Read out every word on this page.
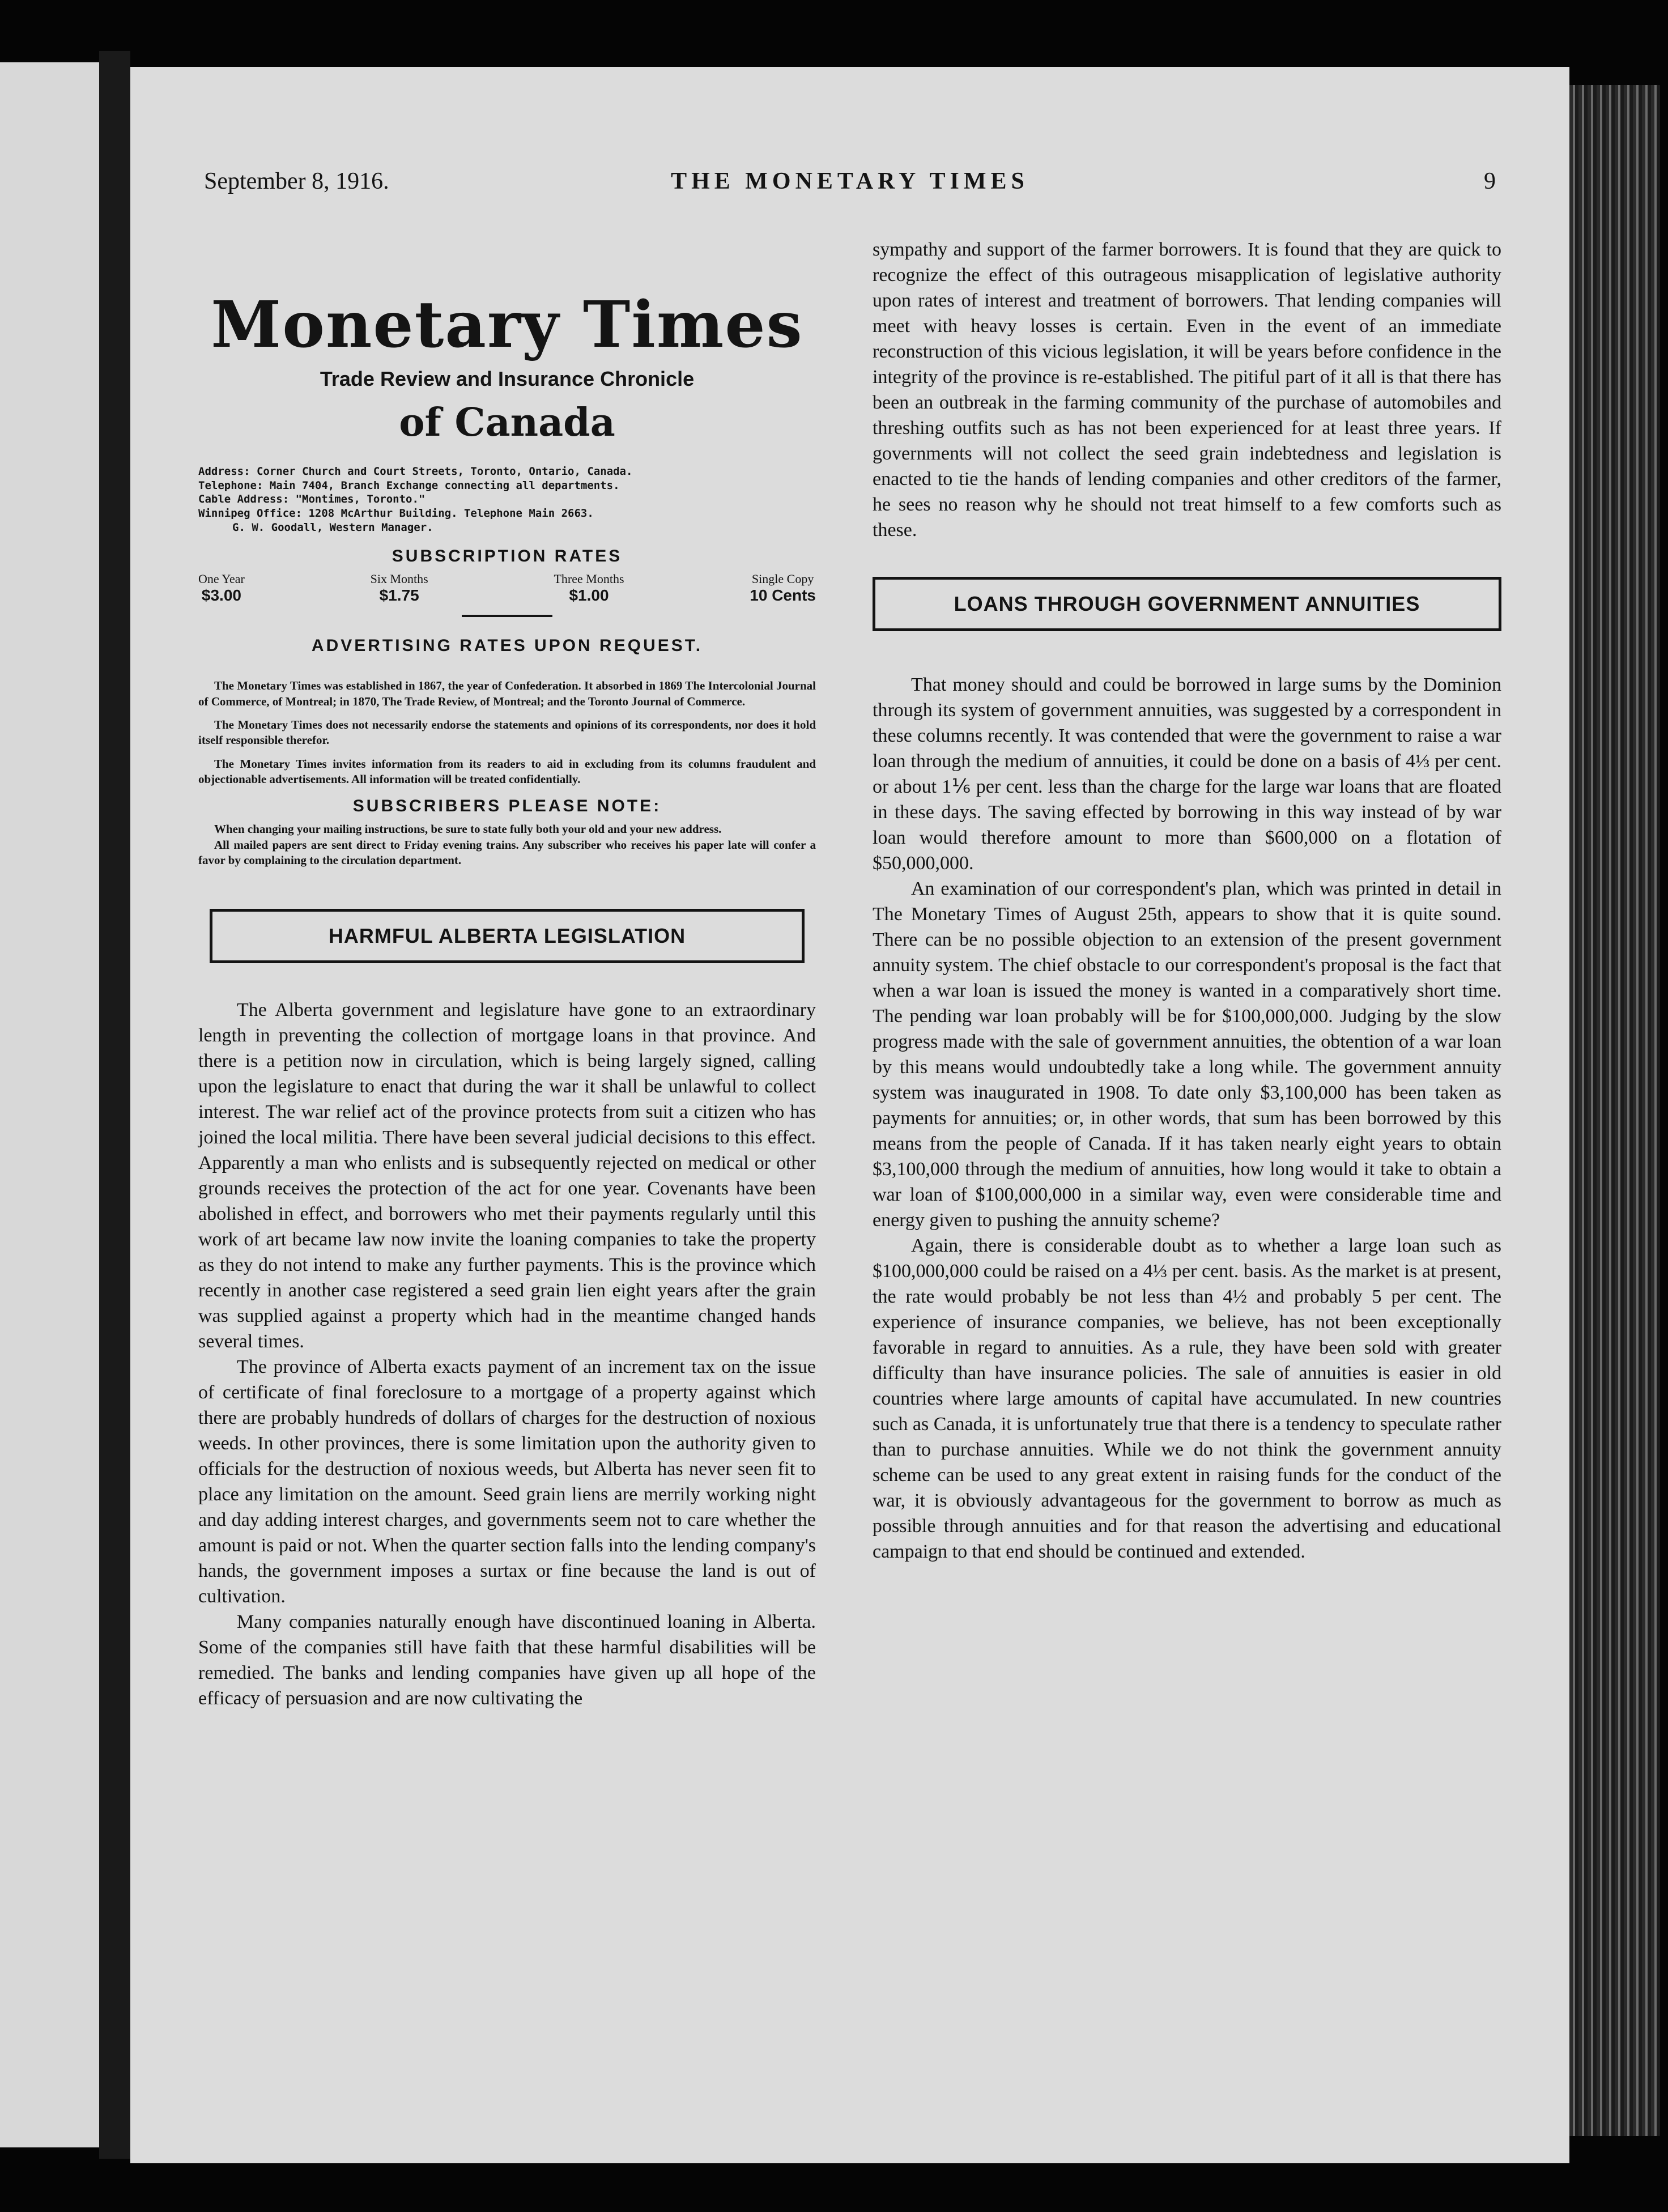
September 8, 1916.	THE MONETARY TIMES	9
Monetary Times
Trade Review and Insurance Chronicle
of Canada
Address: Corner Church and Court Streets, Toronto, Ontario, Canada.
Telephone: Main 7404, Branch Exchange connecting all departments.
Cable Address: "Montimes, Toronto."
Winnipeg Office: 1208 McArthur Building. Telephone Main 2663.
G. W. Goodall, Western Manager.
SUBSCRIPTION RATES
One Year
$3.00
Six Months
$1.75
Three Months
$1.00
Single Copy
10 Cents
ADVERTISING RATES UPON REQUEST.

The Monetary Times was established in 1867, the year of Confederation. It absorbed in 1869 The Intercolonial Journal of Commerce, of Montreal; in 1870, The Trade Review, of Montreal; and the Toronto Journal of Commerce.

The Monetary Times does not necessarily endorse the statements and opinions of its correspondents, nor does it hold itself responsible therefor.

The Monetary Times invites information from its readers to aid in excluding from its columns fraudulent and objectionable advertisements. All information will be treated confidentially.

SUBSCRIBERS PLEASE NOTE:

When changing your mailing instructions, be sure to state fully both your old and your new address.

All mailed papers are sent direct to Friday evening trains. Any subscriber who receives his paper late will confer a favor by complaining to the circulation department.

HARMFUL ALBERTA LEGISLATION

The Alberta government and legislature have gone to an extraordinary length in preventing the collection of mortgage loans in that province. And there is a petition now in circulation, which is being largely signed, calling upon the legislature to enact that during the war it shall be unlawful to collect interest. The war relief act of the province protects from suit a citizen who has joined the local militia. There have been several judicial decisions to this effect. Apparently a man who enlists and is subsequently rejected on medical or other grounds receives the protection of the act for one year. Covenants have been abolished in effect, and borrowers who met their payments regularly until this work of art became law now invite the loaning companies to take the property as they do not intend to make any further payments. This is the province which recently in another case registered a seed grain lien eight years after the grain was supplied against a property which had in the meantime changed hands several times.

The province of Alberta exacts payment of an increment tax on the issue of certificate of final foreclosure to a mortgage of a property against which there are probably hundreds of dollars of charges for the destruction of noxious weeds. In other provinces, there is some limitation upon the authority given to officials for the destruction of noxious weeds, but Alberta has never seen fit to place any limitation on the amount. Seed grain liens are merrily working night and day adding interest charges, and governments seem not to care whether the amount is paid or not. When the quarter section falls into the lending company's hands, the government imposes a surtax or fine because the land is out of cultivation.

Many companies naturally enough have discontinued loaning in Alberta. Some of the companies still have faith that these harmful disabilities will be remedied. The banks and lending companies have given up all hope of the efficacy of persuasion and are now cultivating the

sympathy and support of the farmer borrowers. It is found that they are quick to recognize the effect of this outrageous misapplication of legislative authority upon rates of interest and treatment of borrowers. That lending companies will meet with heavy losses is certain. Even in the event of an immediate reconstruction of this vicious legislation, it will be years before confidence in the integrity of the province is re-established. The pitiful part of it all is that there has been an outbreak in the farming community of the purchase of automobiles and threshing outfits such as has not been experienced for at least three years. If governments will not collect the seed grain indebtedness and legislation is enacted to tie the hands of lending companies and other creditors of the farmer, he sees no reason why he should not treat himself to a few comforts such as these.

LOANS THROUGH GOVERNMENT ANNUITIES

That money should and could be borrowed in large sums by the Dominion through its system of government annuities, was suggested by a correspondent in these columns recently. It was contended that were the government to raise a war loan through the medium of annuities, it could be done on a basis of 4⅓ per cent. or about 1⅙ per cent. less than the charge for the large war loans that are floated in these days. The saving effected by borrowing in this way instead of by war loan would therefore amount to more than $600,000 on a flotation of $50,000,000.

An examination of our correspondent's plan, which was printed in detail in The Monetary Times of August 25th, appears to show that it is quite sound. There can be no possible objection to an extension of the present government annuity system. The chief obstacle to our correspondent's proposal is the fact that when a war loan is issued the money is wanted in a comparatively short time. The pending war loan probably will be for $100,000,000. Judging by the slow progress made with the sale of government annuities, the obtention of a war loan by this means would undoubtedly take a long while. The government annuity system was inaugurated in 1908. To date only $3,100,000 has been taken as payments for annuities; or, in other words, that sum has been borrowed by this means from the people of Canada. If it has taken nearly eight years to obtain $3,100,000 through the medium of annuities, how long would it take to obtain a war loan of $100,000,000 in a similar way, even were considerable time and energy given to pushing the annuity scheme?

Again, there is considerable doubt as to whether a large loan such as $100,000,000 could be raised on a 4⅓ per cent. basis. As the market is at present, the rate would probably be not less than 4½ and probably 5 per cent. The experience of insurance companies, we believe, has not been exceptionally favorable in regard to annuities. As a rule, they have been sold with greater difficulty than have insurance policies. The sale of annuities is easier in old countries where large amounts of capital have accumulated. In new countries such as Canada, it is unfortunately true that there is a tendency to speculate rather than to purchase annuities. While we do not think the government annuity scheme can be used to any great extent in raising funds for the conduct of the war, it is obviously advantageous for the government to borrow as much as possible through annuities and for that reason the advertising and educational campaign to that end should be continued and extended.
